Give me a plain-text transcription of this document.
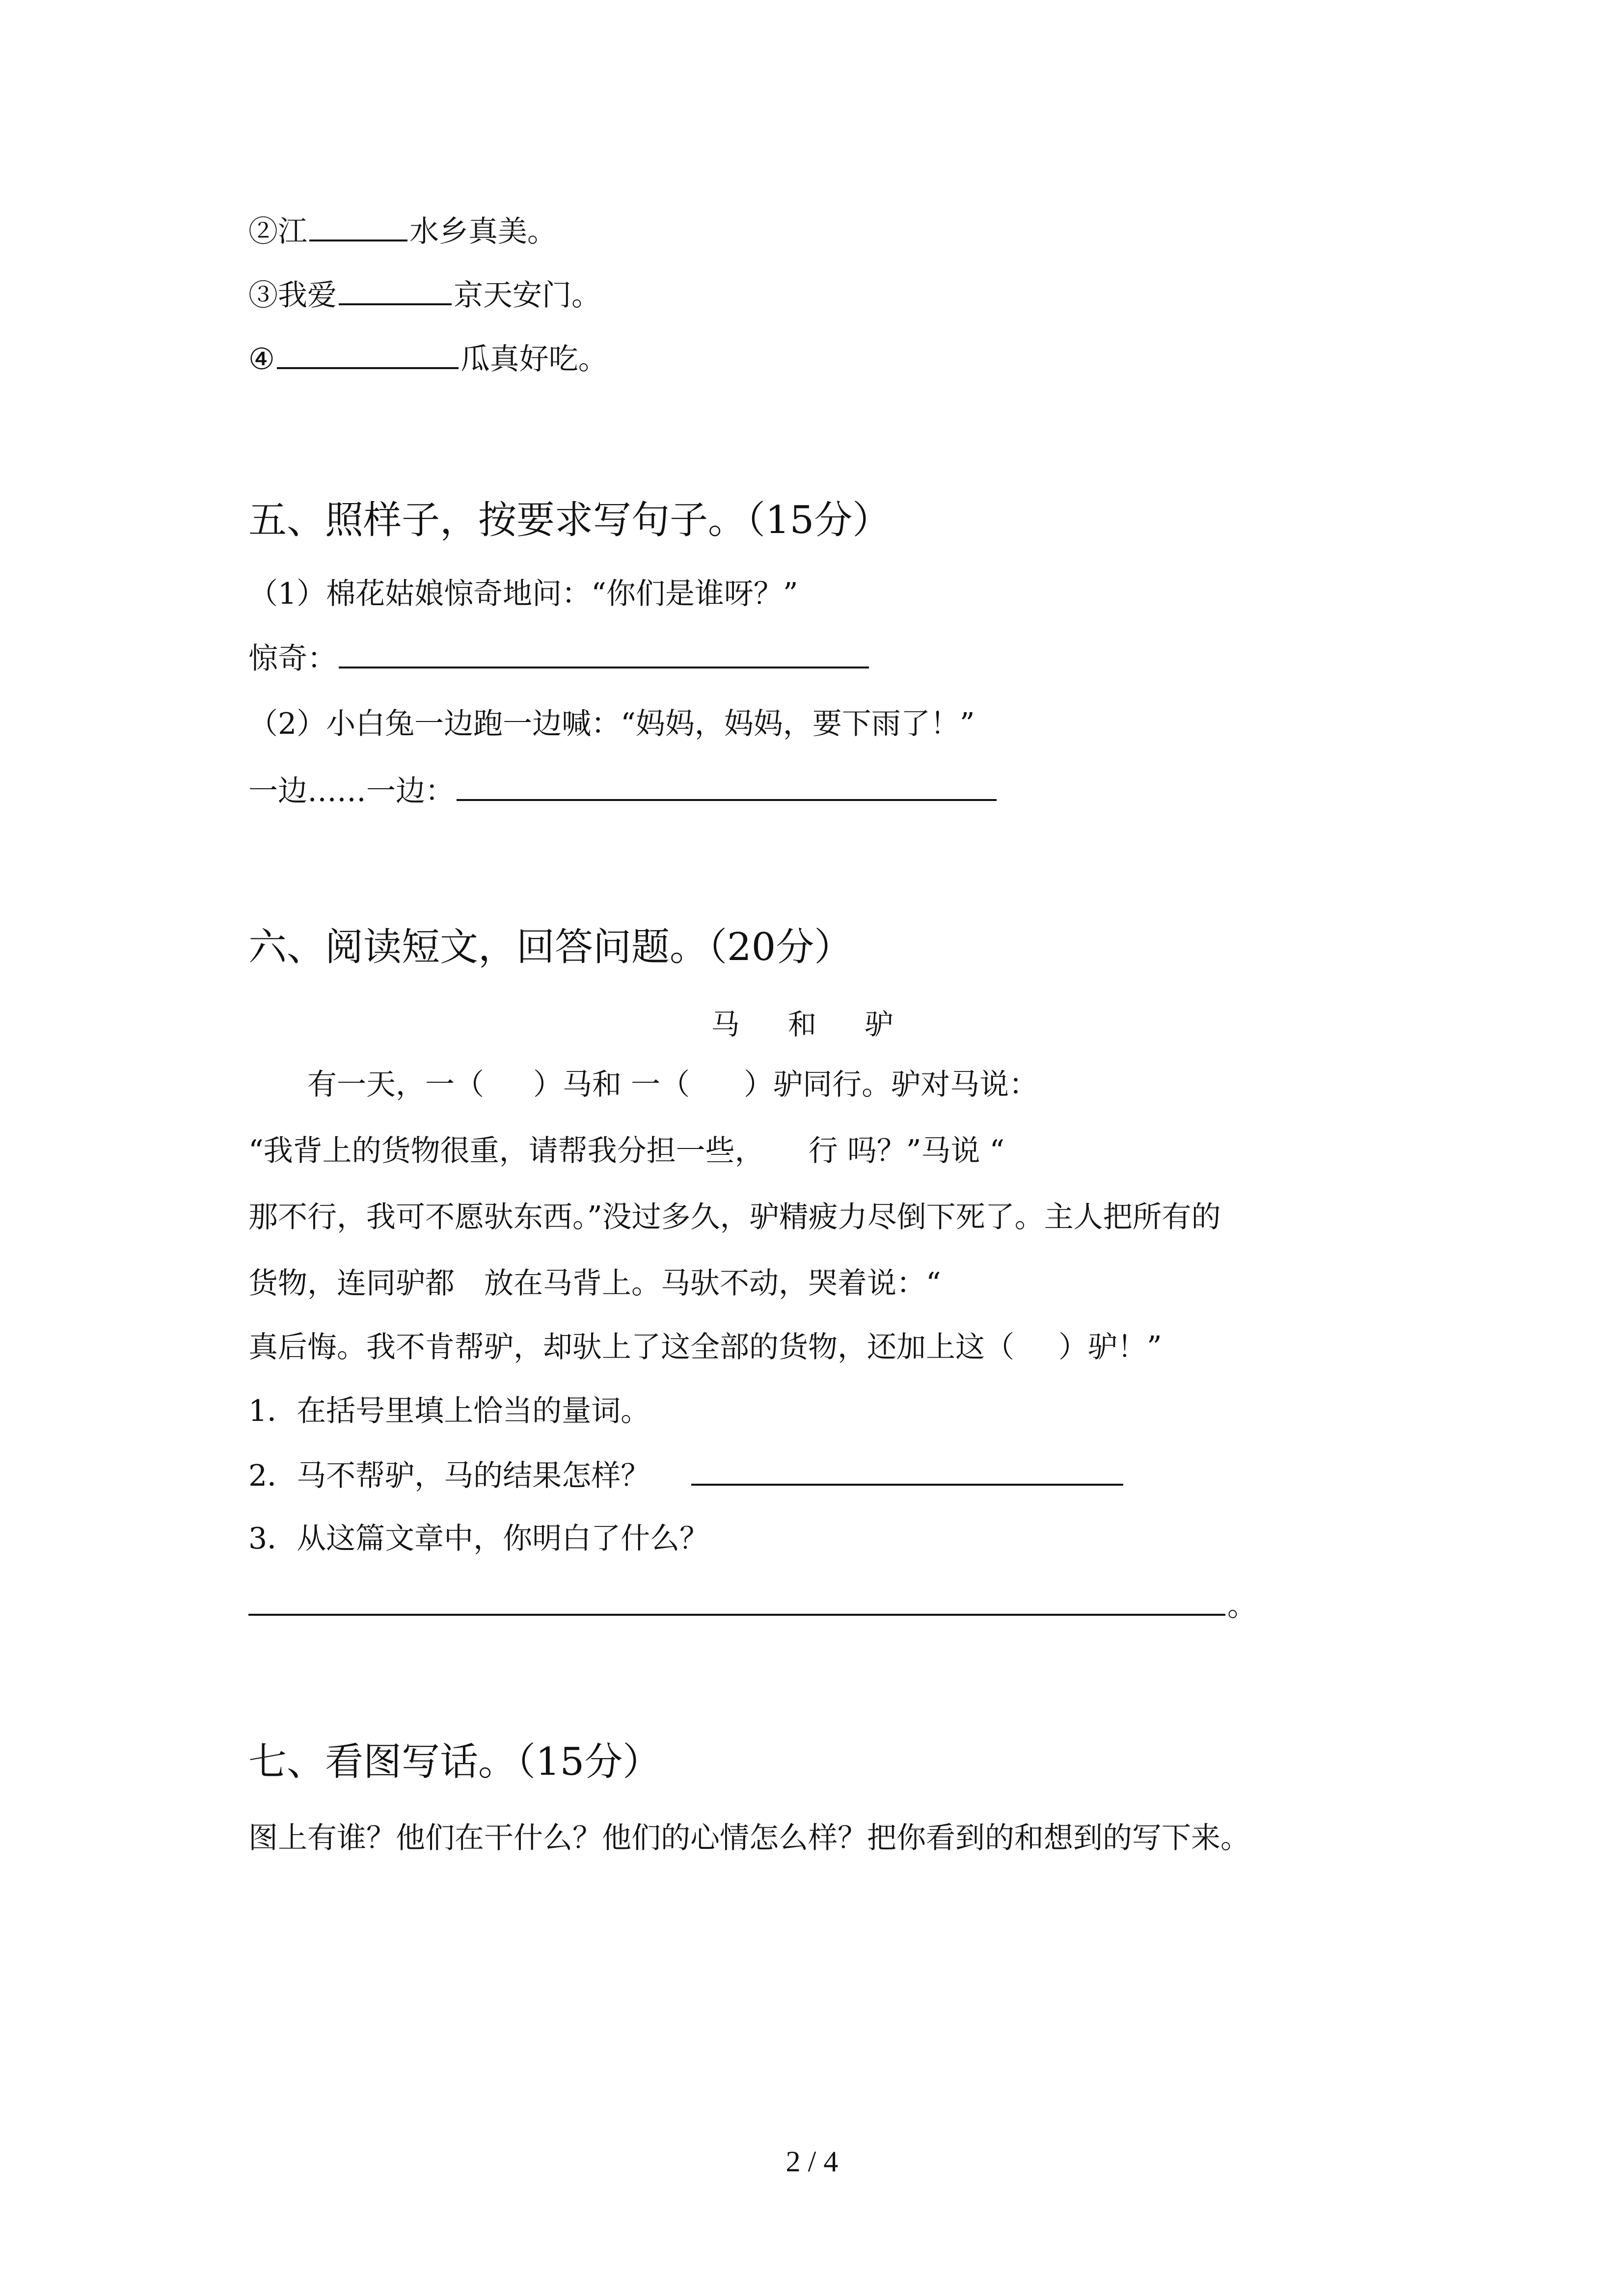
②江	水乡真美。
③我爱	京天安门。
④	瓜真好吃。
五、照样子，按要求写句子。（15分）
（1）棉花姑娘惊奇地问：“你们是谁呀？”
惊奇：
（2）小白兔一边跑一边喊：“妈妈，妈妈，要下雨了！”
一边……一边：
六、阅读短文，回答问题。（20分）
马 和 驴
有一天，一（ ）马和 一（ ）驴同行。驴对马说：
“我背上的货物很重，请帮我分担一些， 行 吗？”马说 “
那不行，我可不愿驮东西。”没过多久，驴精疲力尽倒下死了。主人把所有的
货物，连同驴都 放在马背上。马驮不动，哭着说：“
真后悔。我不肯帮驴，却驮上了这全部的货物，还加上这（ ）驴！”
1．在括号里填上恰当的量词。
2．马不帮驴，马的结果怎样？
3．从这篇文章中，你明白了什么？
。
七、看图写话。（15分）
图上有谁？他们在干什么？他们的心情怎么样？把你看到的和想到的写下来。
2 / 4
